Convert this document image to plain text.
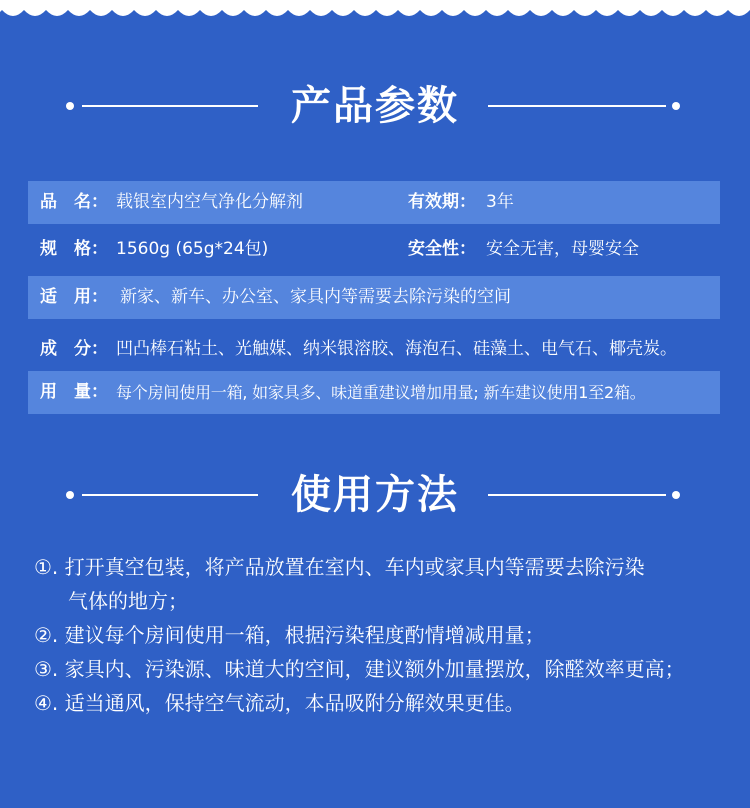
产品参数
品　名： 载银室内空气净化分解剂	有效期： 3年
规　格： 1560g (65g*24包)	安全性： 安全无害，母婴安全
适　用： 新家、新车、办公室、家具内等需要去除污染的空间
成　分： 凹凸棒石粘土、光触媒、纳米银溶胶、海泡石、硅藻土、电气石、椰壳炭。
用　量： 每个房间使用一箱, 如家具多、味道重建议增加用量; 新车建议使用1至2箱。
使用方法
①. 打开真空包装，将产品放置在室内、车内或家具内等需要去除污染
气体的地方；
②. 建议每个房间使用一箱，根据污染程度酌情增减用量；
③. 家具内、污染源、味道大的空间，建议额外加量摆放，除醛效率更高；
④. 适当通风，保持空气流动，本品吸附分解效果更佳。
